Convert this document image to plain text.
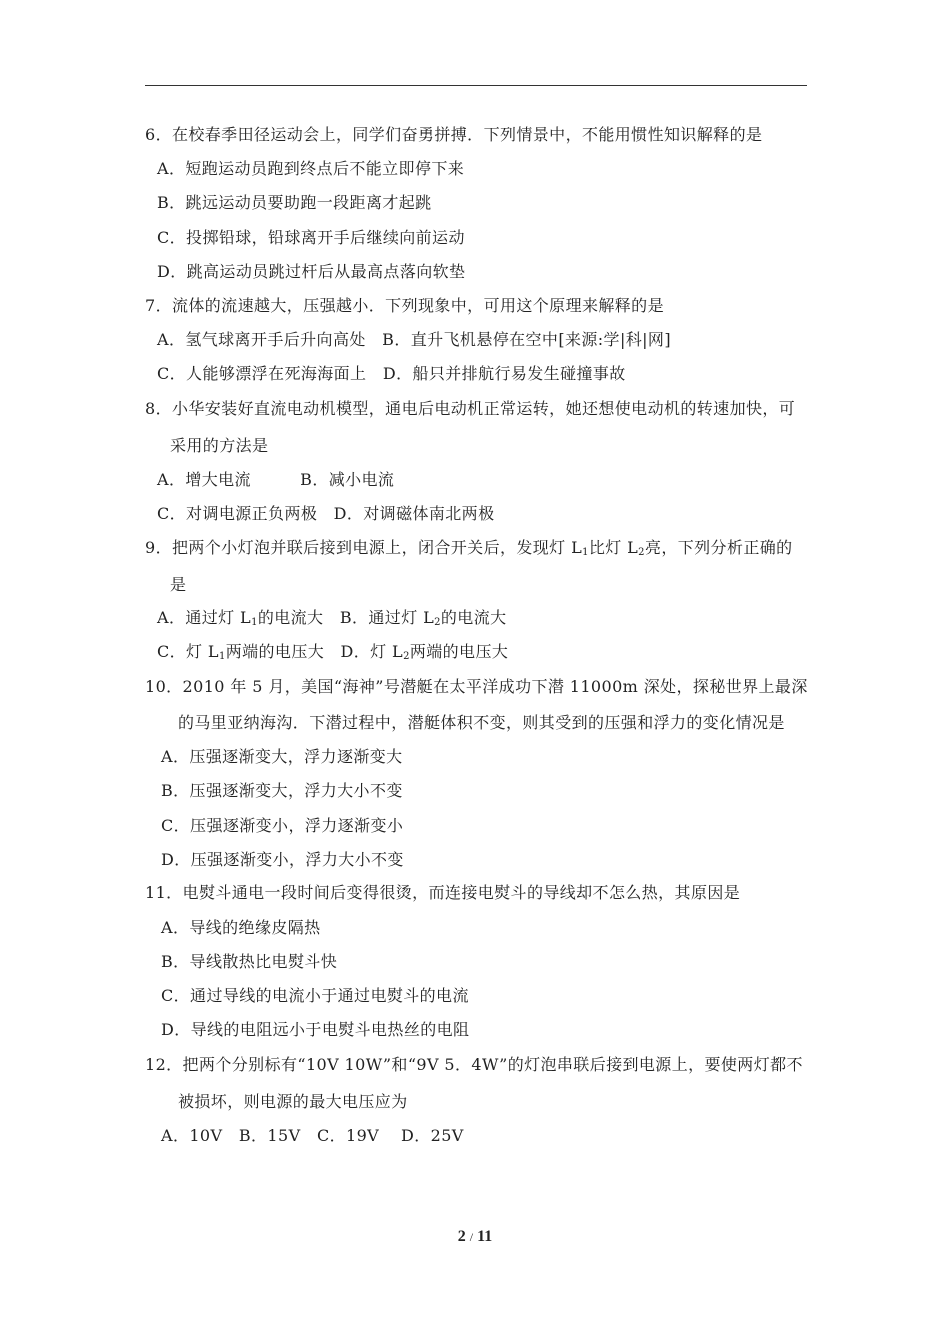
6．在校春季田径运动会上，同学们奋勇拼搏．下列情景中，不能用惯性知识解释的是
A．短跑运动员跑到终点后不能立即停下来
B．跳远运动员要助跑一段距离才起跳
C．投掷铅球，铅球离开手后继续向前运动
D．跳高运动员跳过杆后从最高点落向软垫
7．流体的流速越大，压强越小．下列现象中，可用这个原理来解释的是
A．氢气球离开手后升向高处　B．直升飞机悬停在空中[来源:学|科|网]
C．人能够漂浮在死海海面上　D．船只并排航行易发生碰撞事故
8．小华安装好直流电动机模型，通电后电动机正常运转，她还想使电动机的转速加快，可
采用的方法是
A．增大电流　　　B．减小电流
C．对调电源正负两极　D．对调磁体南北两极
9．把两个小灯泡并联后接到电源上，闭合开关后，发现灯 $L_1$比灯 $L_2$亮，下列分析正确的
是
A．通过灯 $L_1$的电流大　B．通过灯 $L_2$的电流大
C．灯 $L_1$两端的电压大　D．灯 $L_2$两端的电压大
10．2010 年 5 月，美国“海神”号潜艇在太平洋成功下潜 11000m 深处，探秘世界上最深
的马里亚纳海沟．下潜过程中，潜艇体积不变，则其受到的压强和浮力的变化情况是
A．压强逐渐变大，浮力逐渐变大
B．压强逐渐变大，浮力大小不变
C．压强逐渐变小，浮力逐渐变小
D．压强逐渐变小，浮力大小不变
11．电熨斗通电一段时间后变得很烫，而连接电熨斗的导线却不怎么热，其原因是
A．导线的绝缘皮隔热
B．导线散热比电熨斗快
C．通过导线的电流小于通过电熨斗的电流
D．导线的电阻远小于电熨斗电热丝的电阻
12．把两个分别标有“10V 10W”和“9V 5．4W”的灯泡串联后接到电源上，要使两灯都不
被损坏，则电源的最大电压应为
A．10V　B．15V　C．19V　 D．25V
2 / 11
